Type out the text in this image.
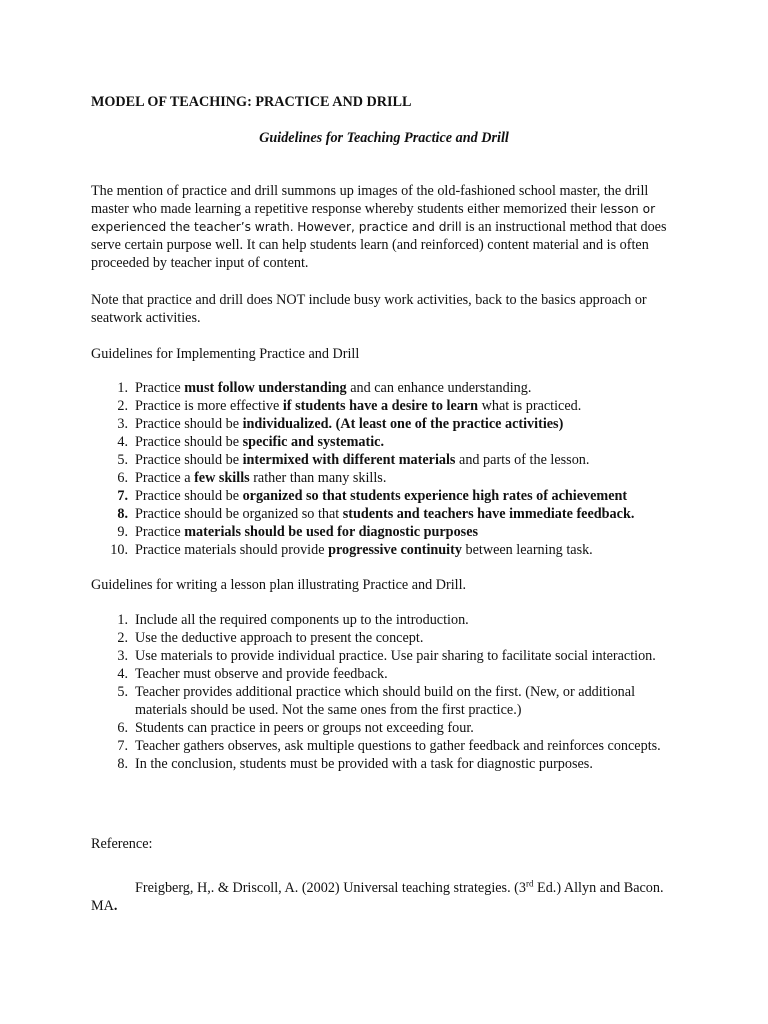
MODEL OF TEACHING: PRACTICE AND DRILL
Guidelines for Teaching Practice and Drill

The mention of practice and drill summons up images of the old-fashioned school master, the drill master who made learning a repetitive response whereby students either memorized their lesson or experienced the teacher’s wrath. However, practice and drill is an instructional method that does serve certain purpose well. It can help students learn (and reinforced) content material and is often proceeded by teacher input of content.

Note that practice and drill does NOT include busy work activities, back to the basics approach or seatwork activities.

Guidelines for Implementing Practice and Drill

1. Practice must follow understanding and can enhance understanding.
2. Practice is more effective if students have a desire to learn what is practiced.
3. Practice should be individualized. (At least one of the practice activities)
4. Practice should be specific and systematic.
5. Practice should be intermixed with different materials and parts of the lesson.
6. Practice a few skills rather than many skills.
7. Practice should be organized so that students experience high rates of achievement
8. Practice should be organized so that students and teachers have immediate feedback.
9. Practice materials should be used for diagnostic purposes
10. Practice materials should provide progressive continuity between learning task.

Guidelines for writing a lesson plan illustrating Practice and Drill.

1. Include all the required components up to the introduction.
2. Use the deductive approach to present the concept.
3. Use materials to provide individual practice. Use pair sharing to facilitate social interaction.
4. Teacher must observe and provide feedback.
5. Teacher provides additional practice which should build on the first. (New, or additional materials should be used. Not the same ones from the first practice.)
6. Students can practice in peers or groups not exceeding four.
7. Teacher gathers observes, ask multiple questions to gather feedback and reinforces concepts.
8. In the conclusion, students must be provided with a task for diagnostic purposes.
Reference:
Freigberg, H,. & Driscoll, A. (2002) Universal teaching strategies. (3rd Ed.) Allyn and Bacon. MA.
